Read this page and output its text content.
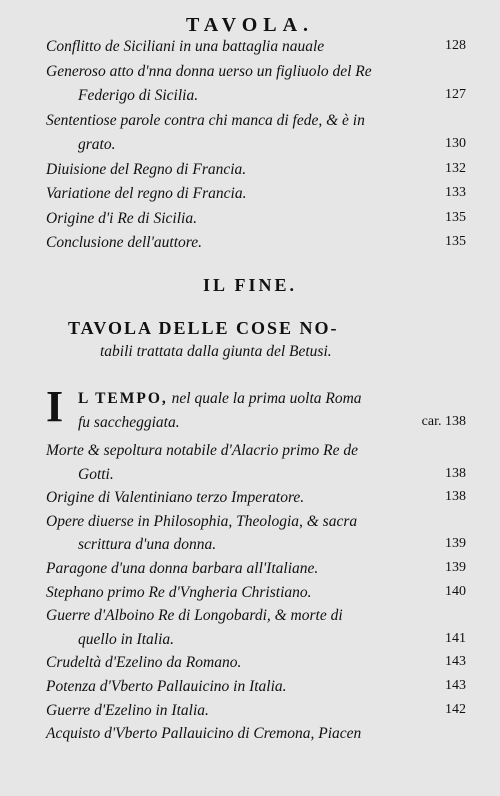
TAVOLA.
Conflitto de Siciliani in una battaglia nauale	128
Generoso atto d'nna donna uerso un figliuolo del Re
Federigo di Sicilia.	127
Sententiose parole contra chi manca di fede, & è in
grato.	130
Diuisione del Regno di Francia.	132
Variatione del regno di Francia.	133
Origine d'i Re di Sicilia.	135
Conclusione dell'auttore.	135
IL FINE.
TAVOLA DELLE COSE NO-
tabili trattata dalla giunta del Betusi.
I L TEMPO, nel quale la prima uolta Roma
fu saccheggiata.	car. 138
Morte & sepoltura notabile d'Alacrio primo Re de
Gotti.	138
Origine di Valentiniano terzo Imperatore.	138
Opere diuerse in Philosophia, Theologia, & sacra
scrittura d'una donna.	139
Paragone d'una donna barbara all'Italiane.	139
Stephano primo Re d'Vngheria Christiano.	140
Guerre d'Alboino Re di Longobardi, & morte di
quello in Italia.	141
Crudeltà d'Ezelino da Romano.	143
Potenza d'Vberto Pallauicino in Italia.	143
Guerre d'Ezelino in Italia.	142
Acquisto d'Vberto Pallauicino di Cremona, Piacen
